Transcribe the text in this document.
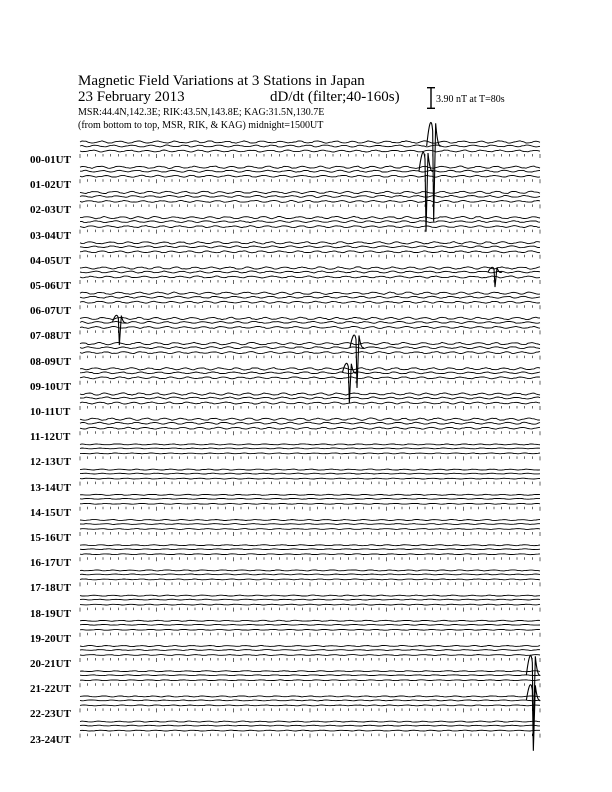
Magnetic Field Variations at 3 Stations in Japan
23 February 2013	dD/dt (filter;40-160s)
MSR:44.4N,142.3E; RIK:43.5N,143.8E; KAG:31.5N,130.7E
(from bottom to top, MSR, RIK, & KAG) midnight=1500UT
3.90 nT at T=80s
00-01UT
01-02UT
02-03UT
03-04UT
04-05UT
05-06UT
06-07UT
07-08UT
08-09UT
09-10UT
10-11UT
11-12UT
12-13UT
13-14UT
14-15UT
15-16UT
16-17UT
17-18UT
18-19UT
19-20UT
20-21UT
21-22UT
22-23UT
23-24UT
